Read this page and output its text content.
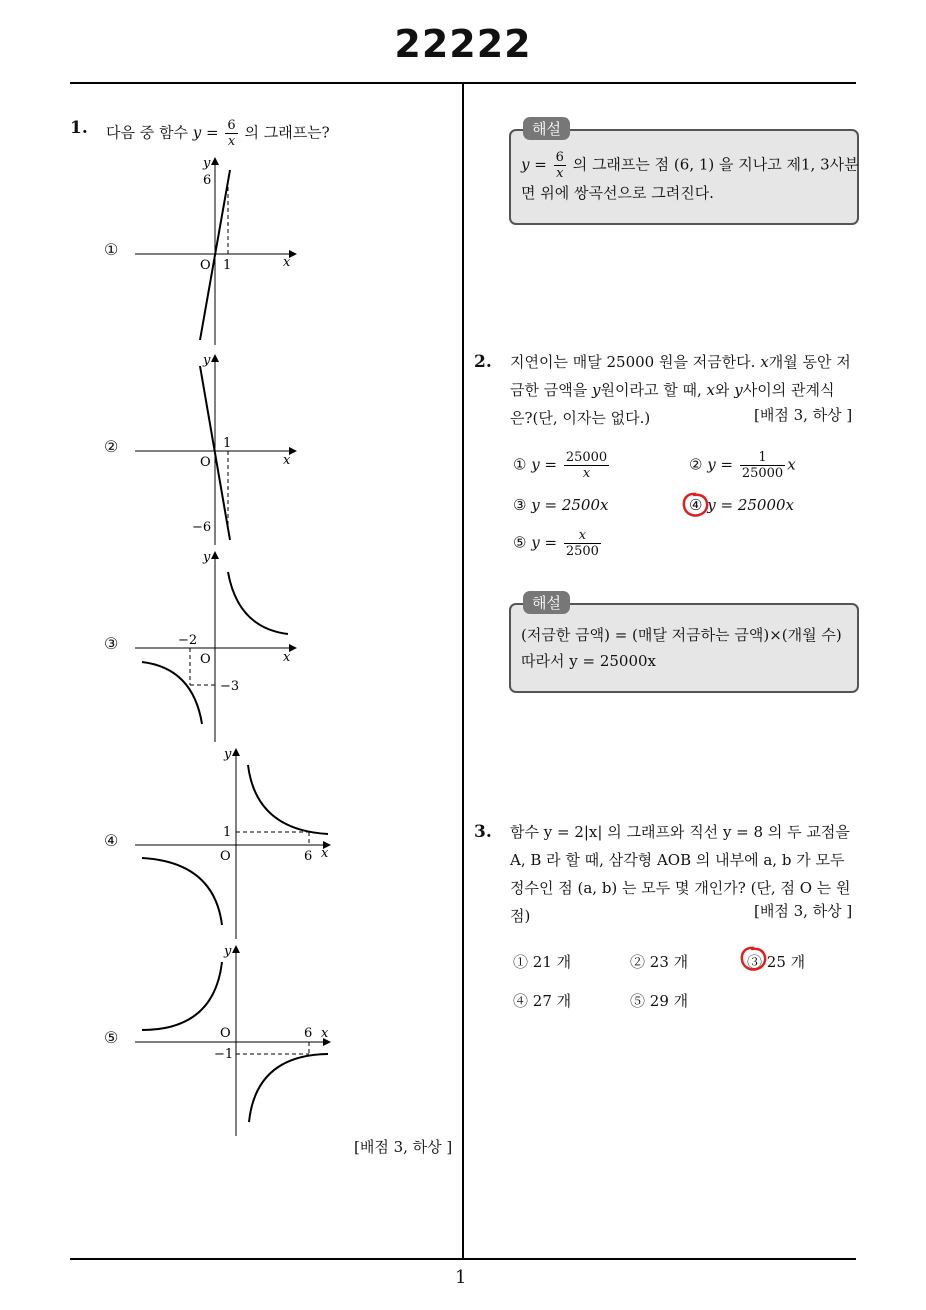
22222
1
1. 다음 중 함수 $y = \frac{6}{x}$ 의 그래프는?
①
②
③
④
⑤
x
y
O 1
6
x
y
O
1
−6
x
y
O
−2
−3
x
y
O	6
1
x
y
O	6
−1
[배점 3, 하상 ]
해설
$y = \frac{6}{x}$ 의 그래프는 점 (6, 1) 을 지나고 제1, 3사분
면 위에 쌍곡선으로 그려진다.
2. 지연이는 매달 25000 원을 저금한다. x개월 동안 저
금한 금액을 y원이라고 할 때, x와 y사이의 관계식
은?(단, 이자는 없다.)	[배점 3, 하상 ]
① $y = \frac{25000}{x}$	② $y = \frac{1}{25000}$ x
③ y = 2500x	④ y = 25000x
⑤ $y = \frac{x}{2500}$
해설
(저금한 금액) = (매달 저금하는 금액)×(개월 수)
따라서 y = 25000x
3. 함수 y = 2|x| 의 그래프와 직선 y = 8 의 두 교점을
A, B 라 할 때, 삼각형 AOB 의 내부에 a, b 가 모두
정수인 점 (a, b) 는 모두 몇 개인가? (단, 점 O 는 원
점)	[배점 3, 하상 ]
① 21 개	② 23 개	③ 25 개
④ 27 개	⑤ 29 개
